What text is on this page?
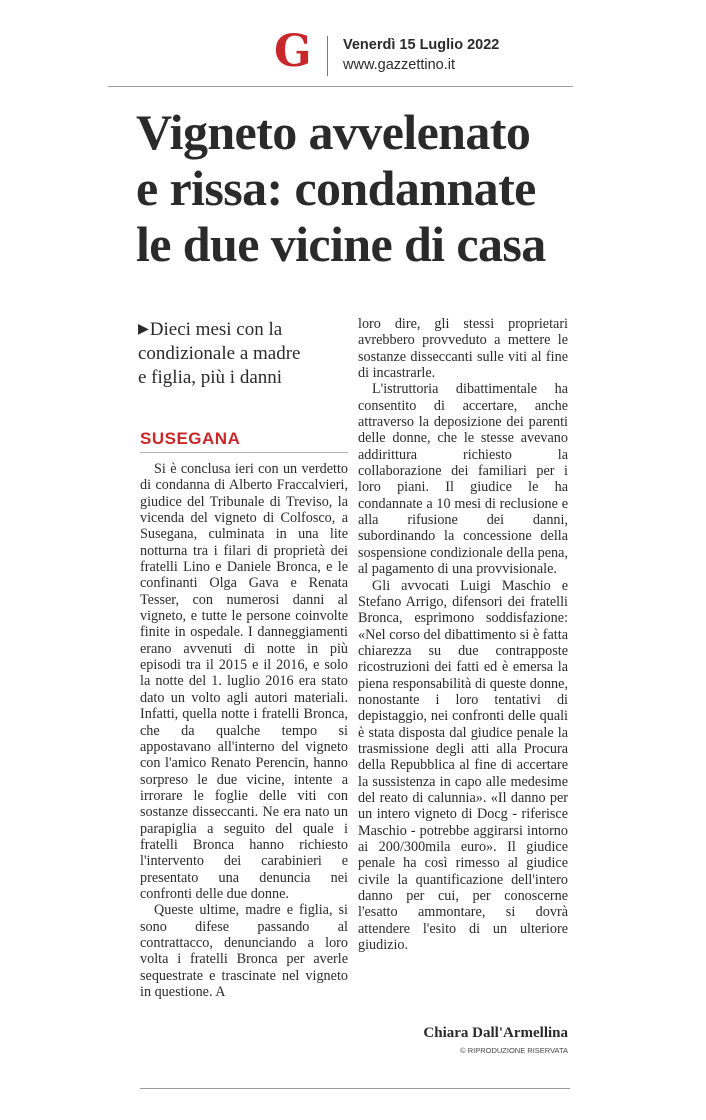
G Venerdì 15 Luglio 2022
www.gazzettino.it
Vigneto avvelenato
e rissa: condannate
le due vicine di casa
▶Dieci mesi con la
condizionale a madre
e figlia, più i danni
SUSEGANA

Si è conclusa ieri con un verdetto di condanna di Alberto Fraccalvieri, giudice del Tribunale di Treviso, la vicenda del vigneto di Colfosco, a Susegana, culminata in una lite notturna tra i filari di proprietà dei fratelli Lino e Daniele Bronca, e le confinanti Olga Gava e Renata Tesser, con numerosi danni al vigneto, e tutte le persone coinvolte finite in ospedale. I danneggiamenti erano avvenuti di notte in più episodi tra il 2015 e il 2016, e solo la notte del 1. luglio 2016 era stato dato un volto agli autori materiali. Infatti, quella notte i fratelli Bronca, che da qualche tempo si appostavano all'interno del vigneto con l'amico Renato Perencin, hanno sorpreso le due vicine, intente a irrorare le foglie delle viti con sostanze disseccanti. Ne era nato un parapiglia a seguito del quale i fratelli Bronca hanno richiesto l'intervento dei carabinieri e presentato una denuncia nei confronti delle due donne.

Queste ultime, madre e figlia, si sono difese passando al contrattacco, denunciando a loro volta i fratelli Bronca per averle sequestrate e trascinate nel vigneto in questione. A

loro dire, gli stessi proprietari avrebbero provveduto a mettere le sostanze disseccanti sulle viti al fine di incastrarle.

L'istruttoria dibattimentale ha consentito di accertare, anche attraverso la deposizione dei parenti delle donne, che le stesse avevano addirittura richiesto la collaborazione dei familiari per i loro piani. Il giudice le ha condannate a 10 mesi di reclusione e alla rifusione dei danni, subordinando la concessione della sospensione condizionale della pena, al pagamento di una provvisionale.

Gli avvocati Luigi Maschio e Stefano Arrigo, difensori dei fratelli Bronca, esprimono soddisfazione: «Nel corso del dibattimento si è fatta chiarezza su due contrapposte ricostruzioni dei fatti ed è emersa la piena responsabilità di queste donne, nonostante i loro tentativi di depistaggio, nei confronti delle quali è stata disposta dal giudice penale la trasmissione degli atti alla Procura della Repubblica al fine di accertare la sussistenza in capo alle medesime del reato di calunnia». «Il danno per un intero vigneto di Docg - riferisce Maschio - potrebbe aggirarsi intorno ai 200/300mila euro». Il giudice penale ha così rimesso al giudice civile la quantificazione dell'intero danno per cui, per conoscerne l'esatto ammontare, si dovrà attendere l'esito di un ulteriore giudizio.

Chiara Dall'Armellina
© RIPRODUZIONE RISERVATA
